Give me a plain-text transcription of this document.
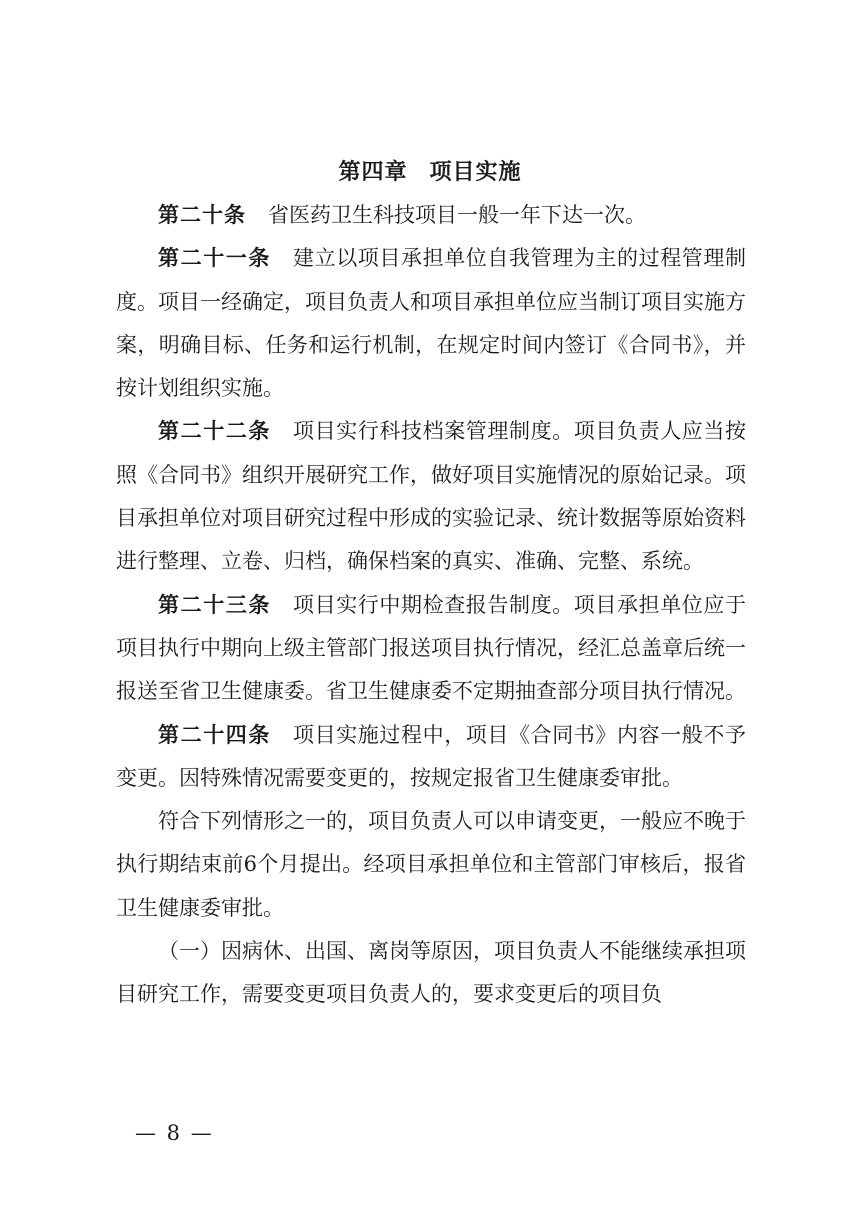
第四章 项目实施

第二十条 省医药卫生科技项目一般一年下达一次。

第二十一条 建立以项目承担单位自我管理为主的过程管理制度。项目一经确定，项目负责人和项目承担单位应当制订项目实施方案，明确目标、任务和运行机制，在规定时间内签订《合同书》，并按计划组织实施。

第二十二条 项目实行科技档案管理制度。项目负责人应当按照《合同书》组织开展研究工作，做好项目实施情况的原始记录。项目承担单位对项目研究过程中形成的实验记录、统计数据等原始资料进行整理、立卷、归档，确保档案的真实、准确、完整、系统。

第二十三条 项目实行中期检查报告制度。项目承担单位应于项目执行中期向上级主管部门报送项目执行情况，经汇总盖章后统一报送至省卫生健康委。省卫生健康委不定期抽查部分项目执行情况。

第二十四条 项目实施过程中，项目《合同书》内容一般不予变更。因特殊情况需要变更的，按规定报省卫生健康委审批。

符合下列情形之一的，项目负责人可以申请变更，一般应不晚于执行期结束前6个月提出。经项目承担单位和主管部门审核后，报省卫生健康委审批。

（一）因病休、出国、离岗等原因，项目负责人不能继续承担项目研究工作，需要变更项目负责人的，要求变更后的项目负

— 8 —
